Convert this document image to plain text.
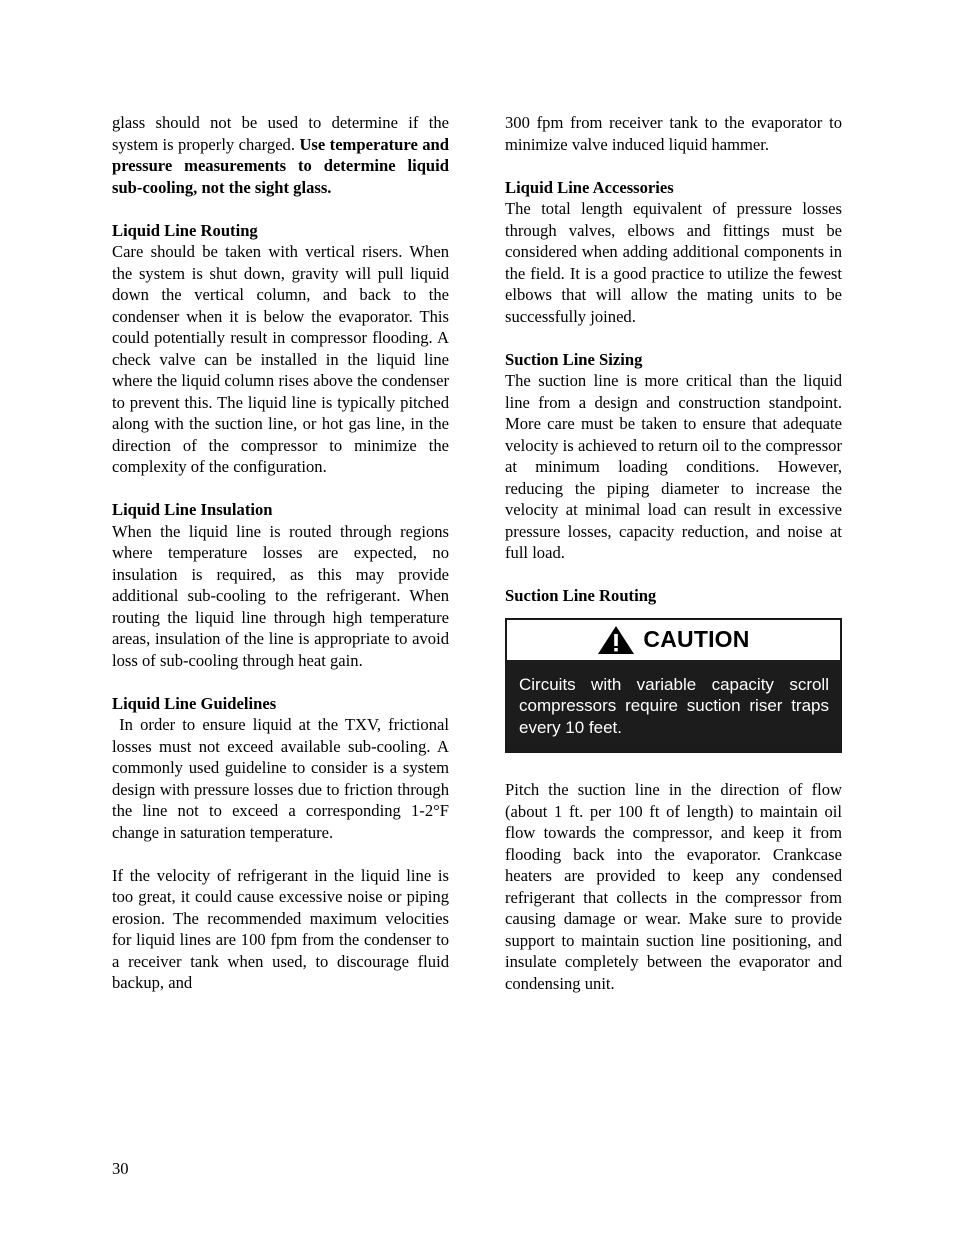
glass should not be used to determine if the system is properly charged. Use temperature and pressure measurements to determine liquid sub-cooling, not the sight glass.

Liquid Line Routing

Care should be taken with vertical risers. When the system is shut down, gravity will pull liquid down the vertical column, and back to the condenser when it is below the evaporator. This could potentially result in compressor flooding. A check valve can be installed in the liquid line where the liquid column rises above the condenser to prevent this. The liquid line is typically pitched along with the suction line, or hot gas line, in the direction of the compressor to minimize the complexity of the configuration.

Liquid Line Insulation

When the liquid line is routed through regions where temperature losses are expected, no insulation is required, as this may provide additional sub-cooling to the refrigerant. When routing the liquid line through high temperature areas, insulation of the line is appropriate to avoid loss of sub-cooling through heat gain.

Liquid Line Guidelines

In order to ensure liquid at the TXV, frictional losses must not exceed available sub-cooling. A commonly used guideline to consider is a system design with pressure losses due to friction through the line not to exceed a corresponding 1-2°F change in saturation temperature.

If the velocity of refrigerant in the liquid line is too great, it could cause excessive noise or piping erosion. The recommended maximum velocities for liquid lines are 100 fpm from the condenser to a receiver tank when used, to discourage fluid backup, and

300 fpm from receiver tank to the evaporator to minimize valve induced liquid hammer.

Liquid Line Accessories

The total length equivalent of pressure losses through valves, elbows and fittings must be considered when adding additional components in the field. It is a good practice to utilize the fewest elbows that will allow the mating units to be successfully joined.

Suction Line Sizing

The suction line is more critical than the liquid line from a design and construction standpoint. More care must be taken to ensure that adequate velocity is achieved to return oil to the compressor at minimum loading conditions. However, reducing the piping diameter to increase the velocity at minimal load can result in excessive pressure losses, capacity reduction, and noise at full load.

Suction Line Routing

CAUTION
Circuits with variable capacity scroll compressors require suction riser traps every 10 feet.

Pitch the suction line in the direction of flow (about 1 ft. per 100 ft of length) to maintain oil flow towards the compressor, and keep it from flooding back into the evaporator. Crankcase heaters are provided to keep any condensed refrigerant that collects in the compressor from causing damage or wear. Make sure to provide support to maintain suction line positioning, and insulate completely between the evaporator and condensing unit.

30
